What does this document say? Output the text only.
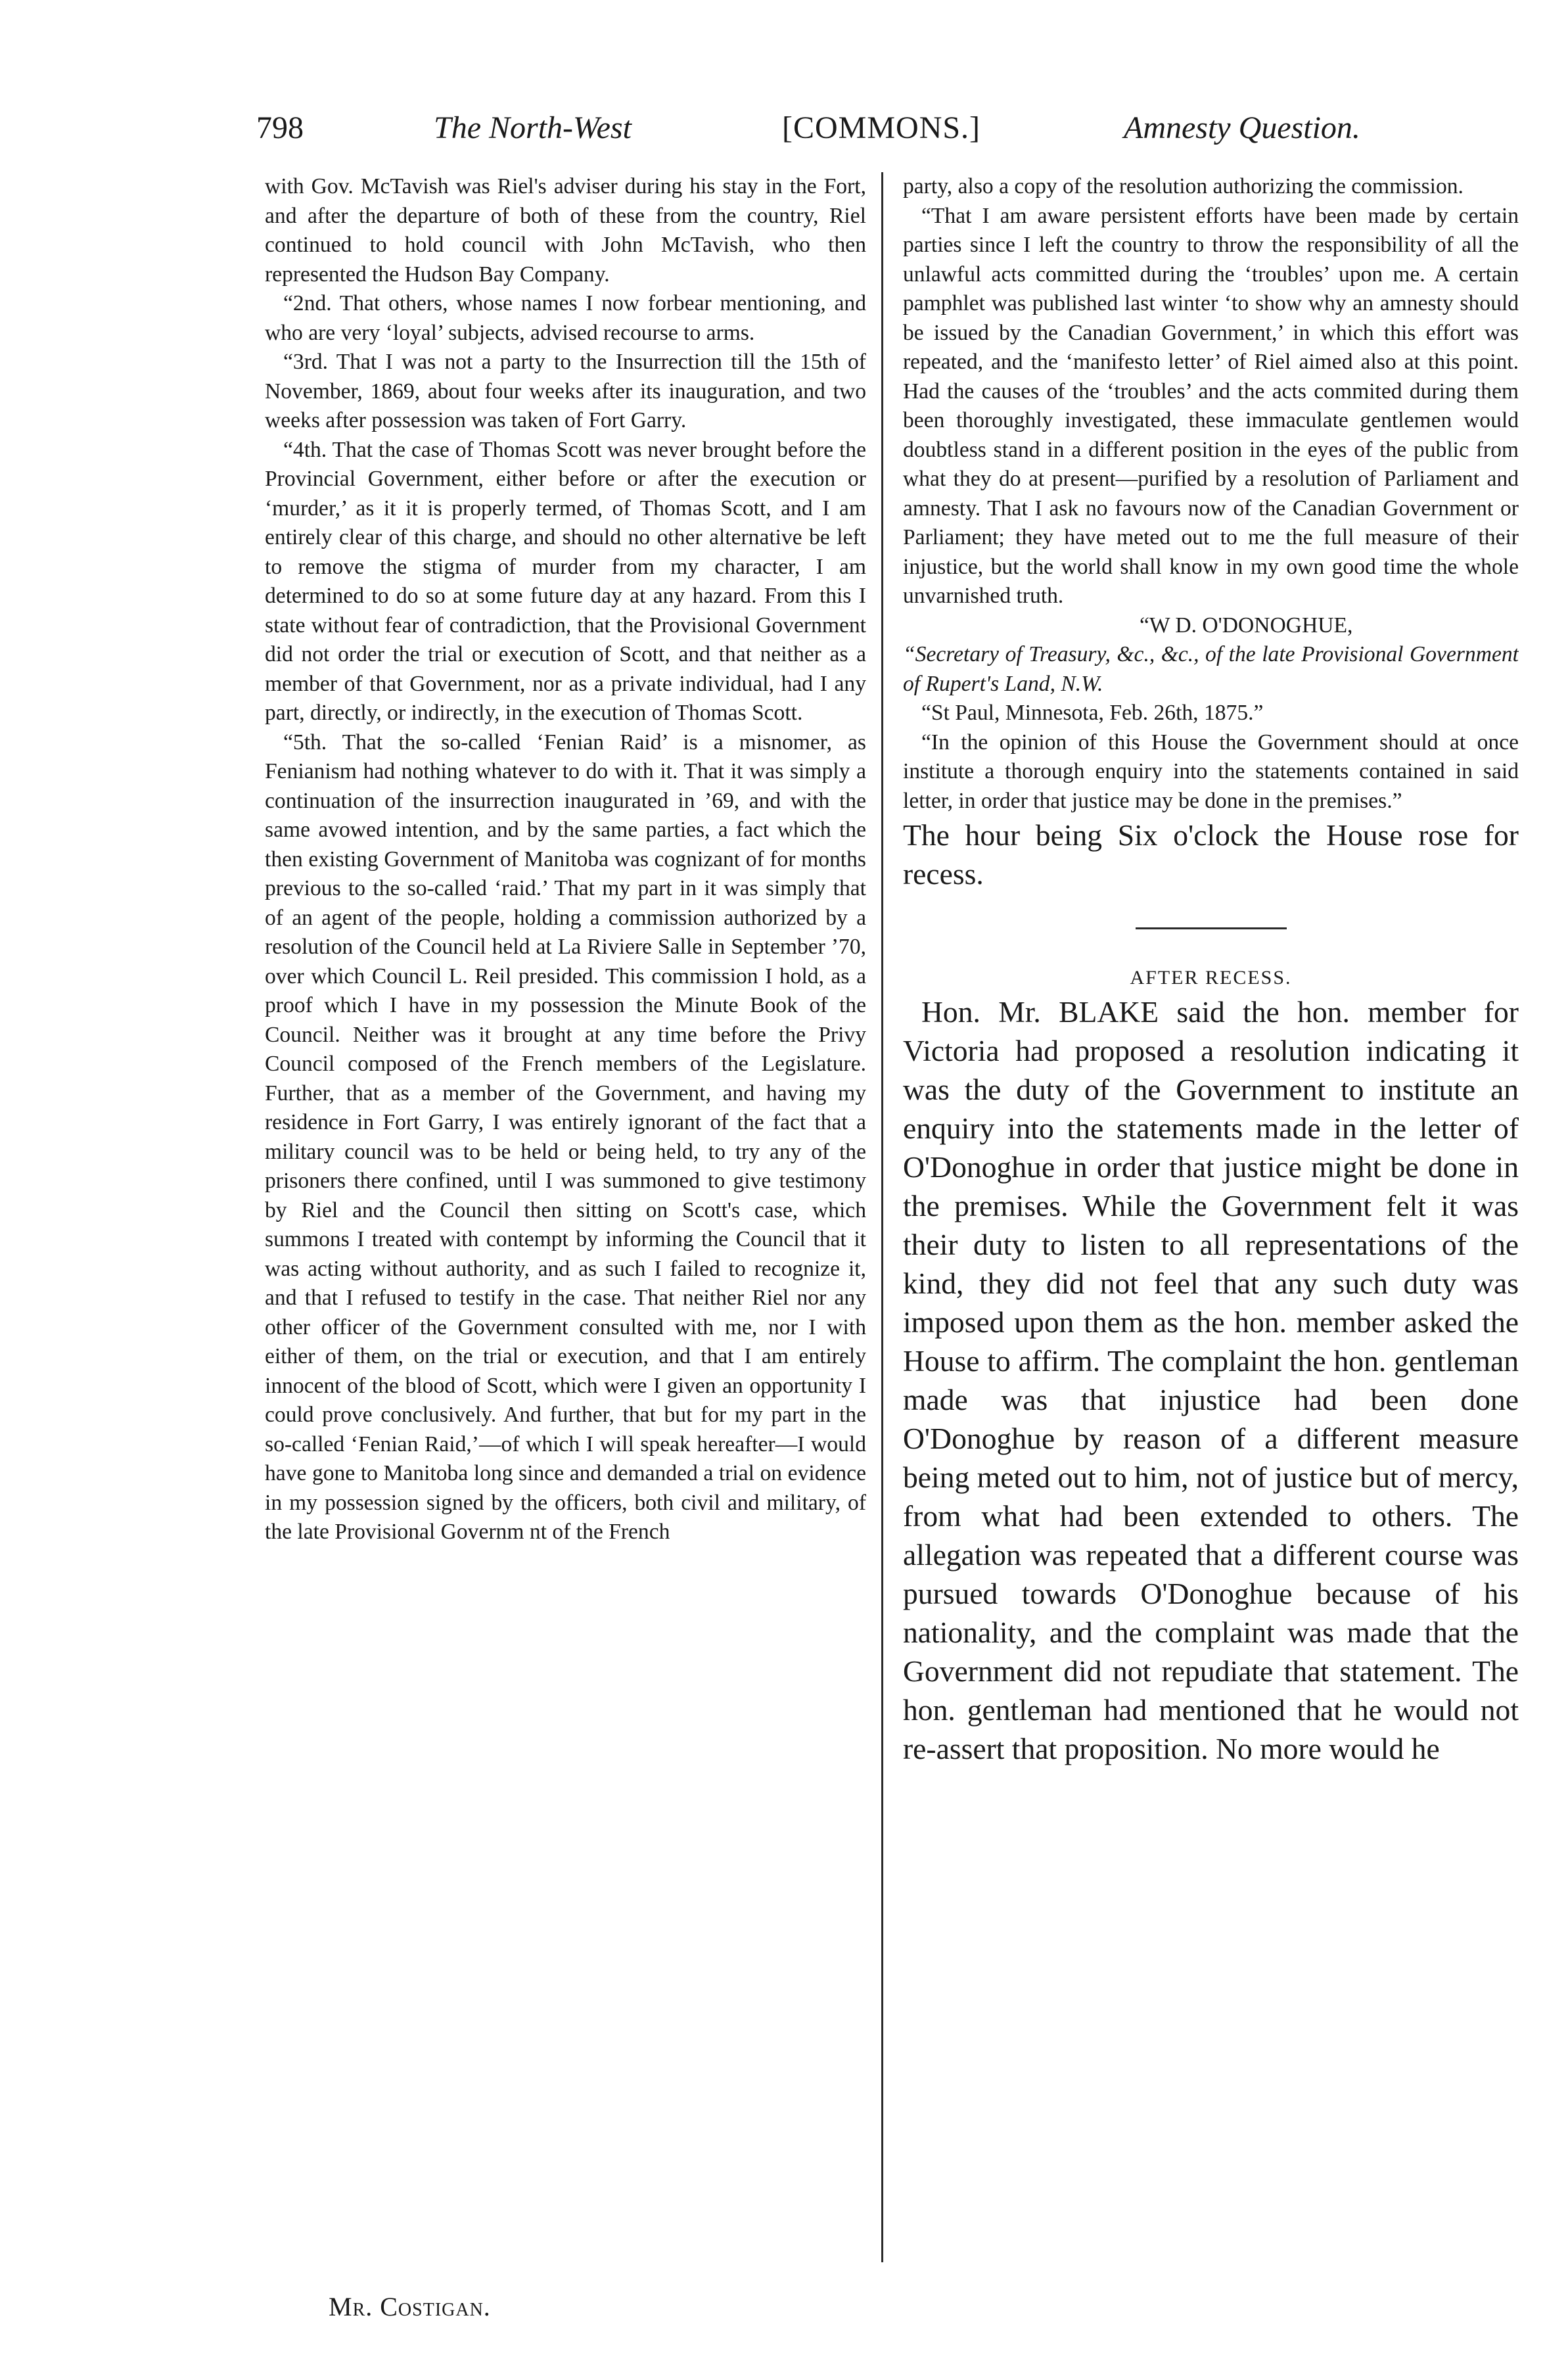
798	The North-West	[COMMONS.]	Amnesty Question.

with Gov. McTavish was Riel's adviser during his stay in the Fort, and after the departure of both of these from the country, Riel continued to hold council with John McTavish, who then represented the Hudson Bay Company.

“2nd. That others, whose names I now forbear mentioning, and who are very ‘loyal’ subjects, advised recourse to arms.

“3rd. That I was not a party to the Insurrection till the 15th of November, 1869, about four weeks after its inauguration, and two weeks after possession was taken of Fort Garry.

“4th. That the case of Thomas Scott was never brought before the Provincial Government, either before or after the execution or ‘murder,’ as it it is properly termed, of Thomas Scott, and I am entirely clear of this charge, and should no other alternative be left to remove the stigma of murder from my character, I am determined to do so at some future day at any hazard. From this I state without fear of contradiction, that the Provisional Government did not order the trial or execution of Scott, and that neither as a member of that Government, nor as a private individual, had I any part, directly, or indirectly, in the execution of Thomas Scott.

“5th. That the so-called ‘Fenian Raid’ is a misnomer, as Fenianism had nothing whatever to do with it. That it was simply a continuation of the insurrection inaugurated in ’69, and with the same avowed intention, and by the same parties, a fact which the then existing Government of Manitoba was cognizant of for months previous to the so-called ‘raid.’ That my part in it was simply that of an agent of the people, holding a commission authorized by a resolution of the Council held at La Riviere Salle in September ’70, over which Council L. Reil presided. This commission I hold, as a proof which I have in my possession the Minute Book of the Council. Neither was it brought at any time before the Privy Council composed of the French members of the Legislature. Further, that as a member of the Government, and having my residence in Fort Garry, I was entirely ignorant of the fact that a military council was to be held or being held, to try any of the prisoners there confined, until I was summoned to give testimony by Riel and the Council then sitting on Scott's case, which summons I treated with contempt by informing the Council that it was acting without authority, and as such I failed to recognize it, and that I refused to testify in the case. That neither Riel nor any other officer of the Government consulted with me, nor I with either of them, on the trial or execution, and that I am entirely innocent of the blood of Scott, which were I given an opportunity I could prove conclusively. And further, that but for my part in the so-called ‘Fenian Raid,’—of which I will speak hereafter—I would have gone to Manitoba long since and demanded a trial on evidence in my possession signed by the officers, both civil and military, of the late Provisional Governm nt of the French

party, also a copy of the resolution authorizing the commission.

“That I am aware persistent efforts have been made by certain parties since I left the country to throw the responsibility of all the unlawful acts committed during the ‘troubles’ upon me. A certain pamphlet was published last winter ‘to show why an amnesty should be issued by the Canadian Government,’ in which this effort was repeated, and the ‘manifesto letter’ of Riel aimed also at this point. Had the causes of the ‘troubles’ and the acts commited during them been thoroughly investigated, these immaculate gentlemen would doubtless stand in a different position in the eyes of the public from what they do at present—purified by a resolution of Parliament and amnesty. That I ask no favours now of the Canadian Government or Parliament; they have meted out to me the full measure of their injustice, but the world shall know in my own good time the whole unvarnished truth.

“W D. O'DONOGHUE,

“Secretary of Treasury, &c., &c., of the late Provisional Government of Rupert's Land, N.W.

“St Paul, Minnesota, Feb. 26th, 1875.”

“In the opinion of this House the Government should at once institute a thorough enquiry into the statements contained in said letter, in order that justice may be done in the premises.”

The hour being Six o'clock the House rose for recess.

AFTER RECESS.

Hon. Mr. BLAKE said the hon. member for Victoria had proposed a resolution indicating it was the duty of the Government to institute an enquiry into the statements made in the letter of O'Donoghue in order that justice might be done in the premises. While the Government felt it was their duty to listen to all representations of the kind, they did not feel that any such duty was imposed upon them as the hon. member asked the House to affirm. The complaint the hon. gentleman made was that injustice had been done O'Donoghue by reason of a different measure being meted out to him, not of justice but of mercy, from what had been extended to others. The allegation was repeated that a different course was pursued towards O'Donoghue because of his nationality, and the complaint was made that the Government did not repudiate that statement. The hon. gentleman had mentioned that he would not re-assert that proposition. No more would he

Mr. Costigan.
